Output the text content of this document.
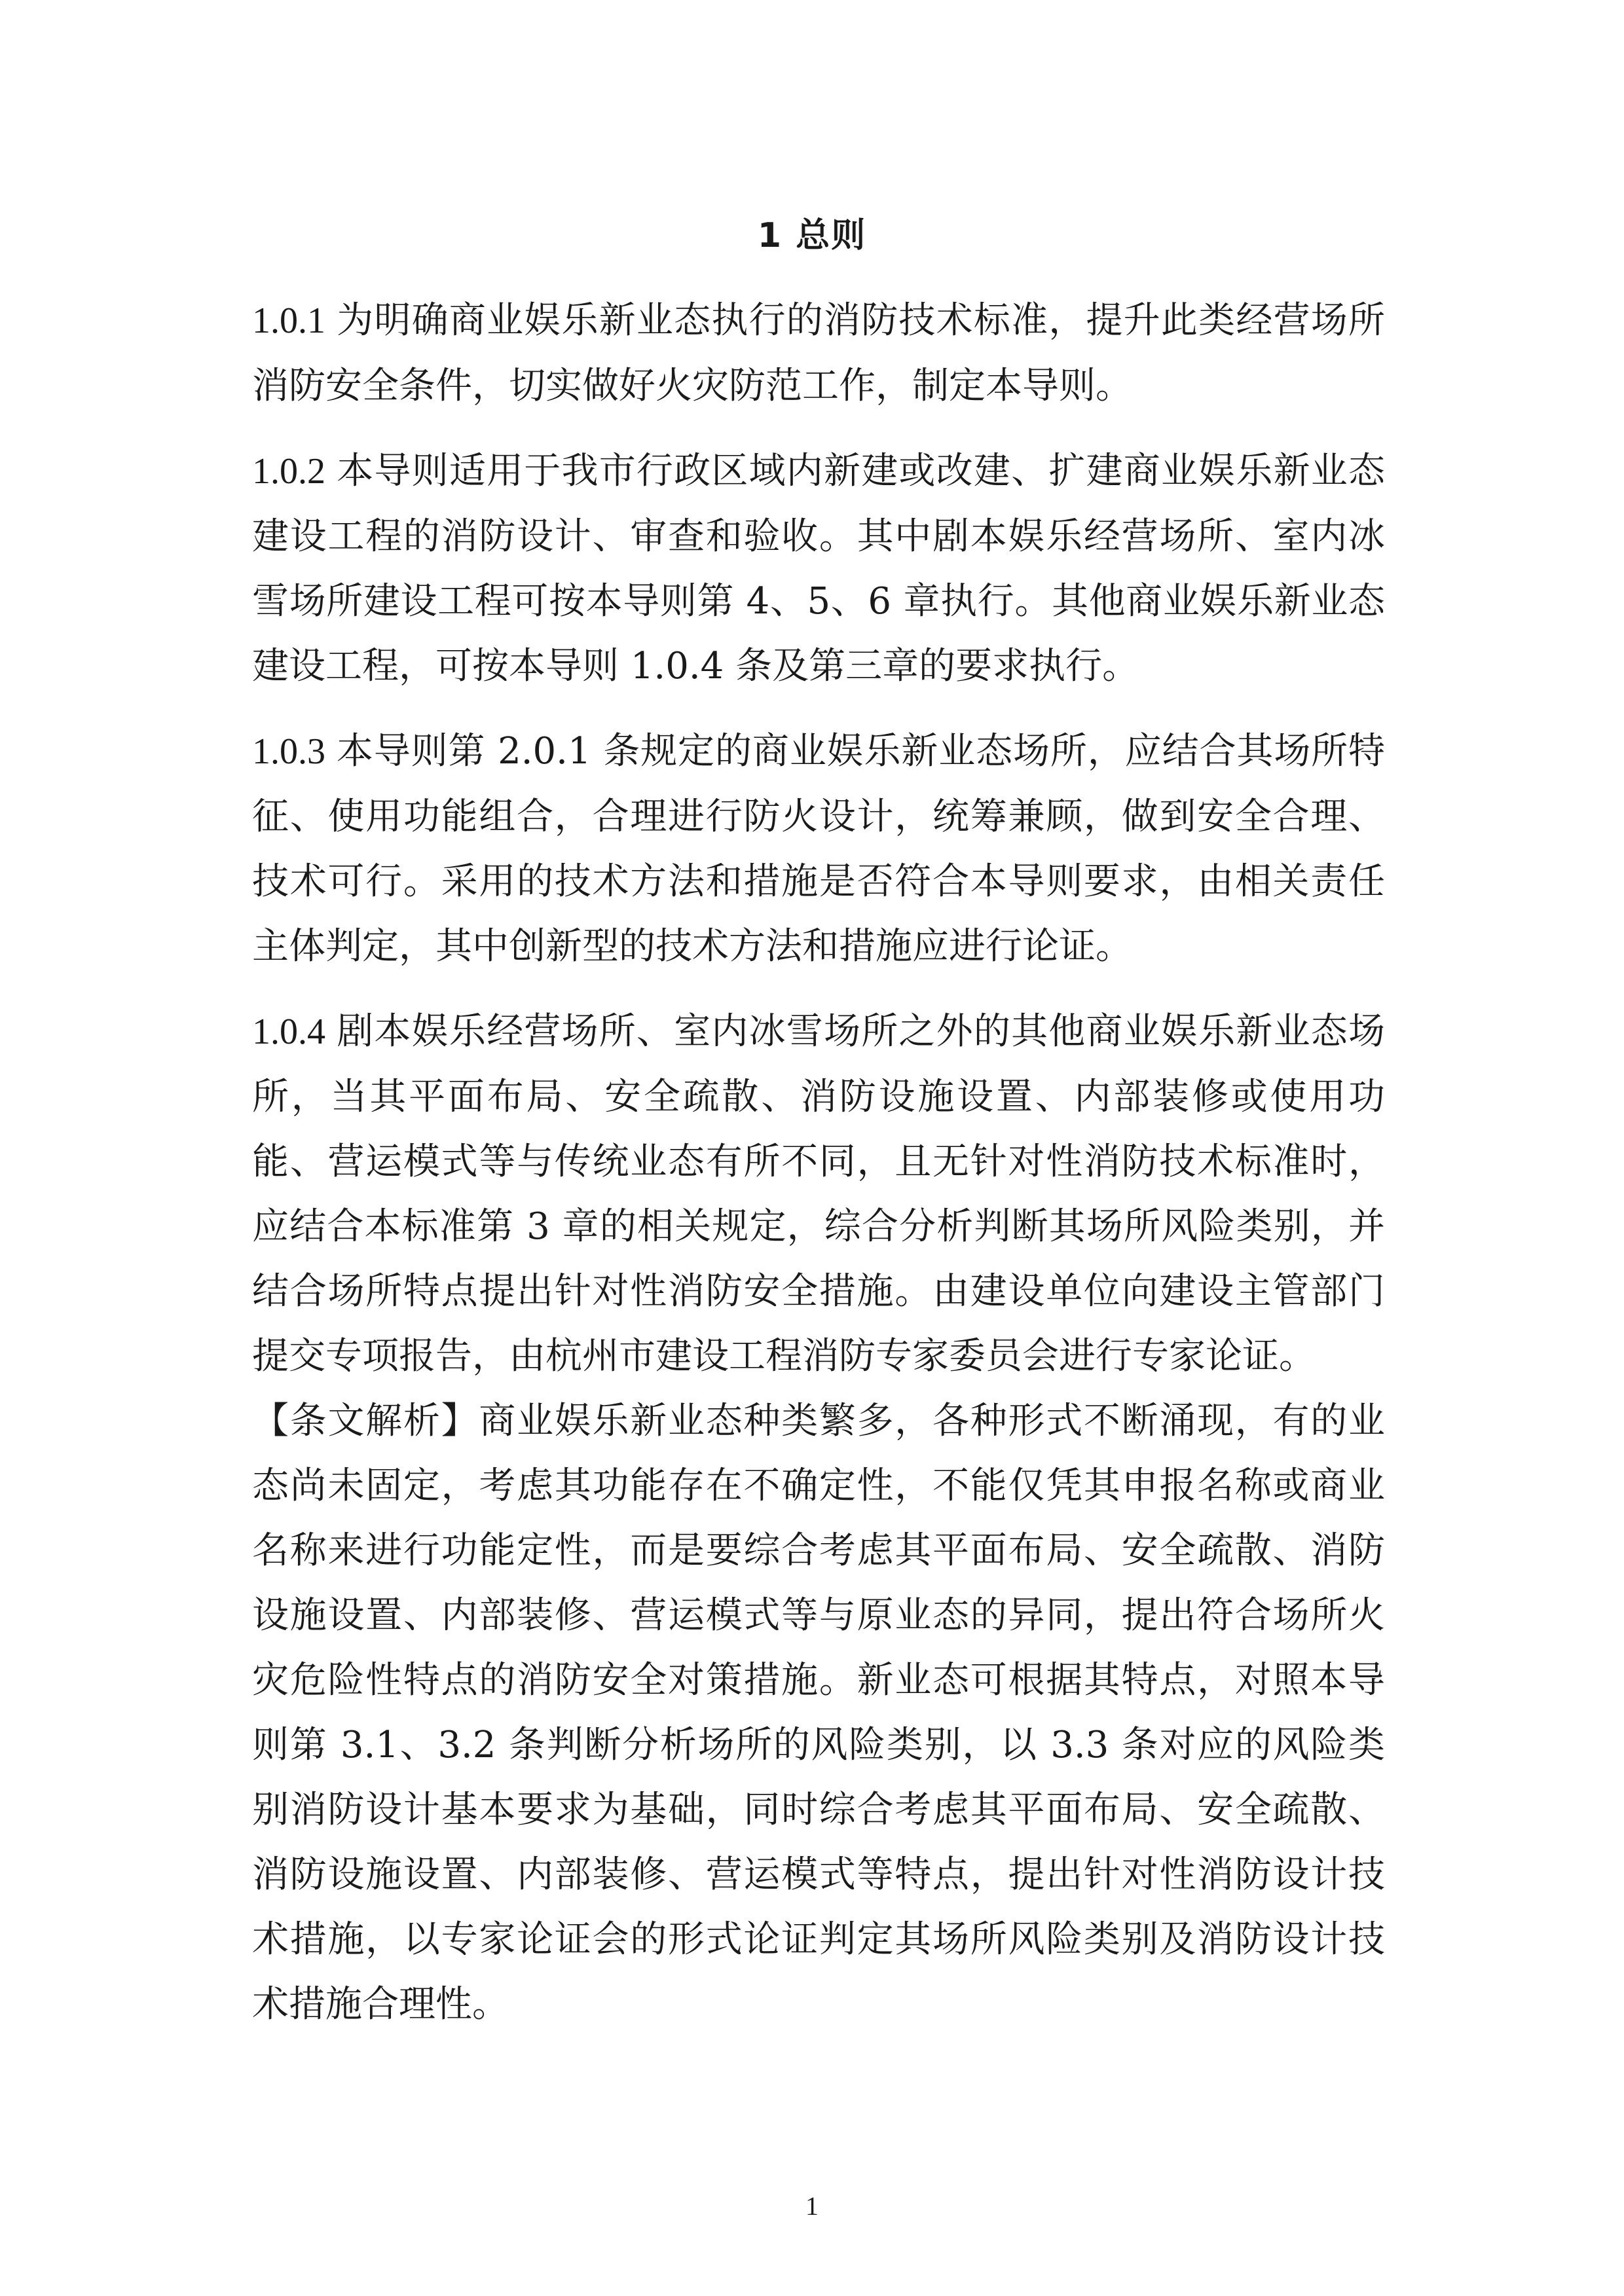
1 总则

1.0.1 为明确商业娱乐新业态执行的消防技术标准，提升此类经营场所消防安全条件，切实做好火灾防范工作，制定本导则。

1.0.2 本导则适用于我市行政区域内新建或改建、扩建商业娱乐新业态建设工程的消防设计、审查和验收。其中剧本娱乐经营场所、室内冰雪场所建设工程可按本导则第 4、5、6 章执行。其他商业娱乐新业态建设工程，可按本导则 1.0.4 条及第三章的要求执行。

1.0.3 本导则第 2.0.1 条规定的商业娱乐新业态场所，应结合其场所特征、使用功能组合，合理进行防火设计，统筹兼顾，做到安全合理、技术可行。采用的技术方法和措施是否符合本导则要求，由相关责任主体判定，其中创新型的技术方法和措施应进行论证。

1.0.4 剧本娱乐经营场所、室内冰雪场所之外的其他商业娱乐新业态场所，当其平面布局、安全疏散、消防设施设置、内部装修或使用功能、营运模式等与传统业态有所不同，且无针对性消防技术标准时，应结合本标准第 3 章的相关规定，综合分析判断其场所风险类别，并结合场所特点提出针对性消防安全措施。由建设单位向建设主管部门提交专项报告，由杭州市建设工程消防专家委员会进行专家论证。

【条文解析】商业娱乐新业态种类繁多，各种形式不断涌现，有的业态尚未固定，考虑其功能存在不确定性，不能仅凭其申报名称或商业名称来进行功能定性，而是要综合考虑其平面布局、安全疏散、消防设施设置、内部装修、营运模式等与原业态的异同，提出符合场所火灾危险性特点的消防安全对策措施。新业态可根据其特点，对照本导则第 3.1、3.2 条判断分析场所的风险类别，以 3.3 条对应的风险类别消防设计基本要求为基础，同时综合考虑其平面布局、安全疏散、消防设施设置、内部装修、营运模式等特点，提出针对性消防设计技术措施，以专家论证会的形式论证判定其场所风险类别及消防设计技术措施合理性。

1
